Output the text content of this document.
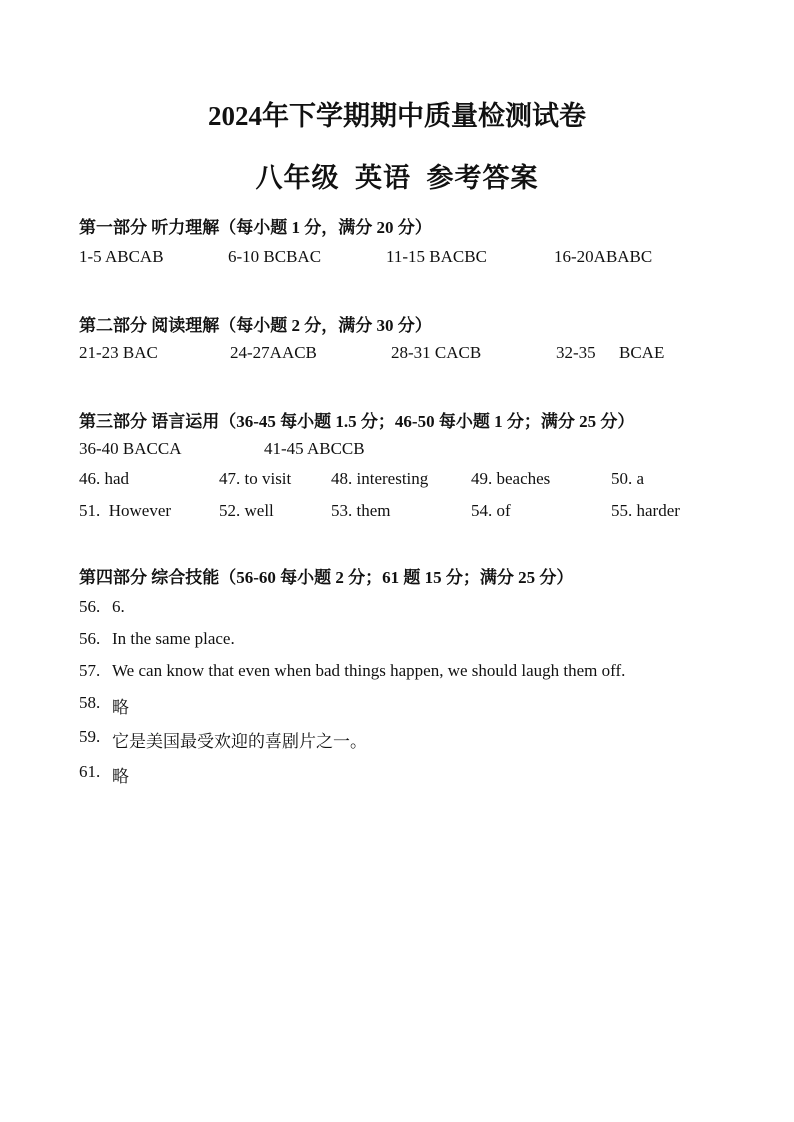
2024年下学期期中质量检测试卷
八年级  英语  参考答案
第一部分 听力理解（每小题 1 分，满分 20 分）
1-5 ABCAB	6-10 BCBAC	11-15 BACBC	16-20ABABC
第二部分 阅读理解（每小题 2 分，满分 30 分）
21-23 BAC	24-27AACB	28-31 CACB	32-35 BCAE
第三部分 语言运用（36-45 每小题 1.5 分；46-50 每小题 1 分；满分 25 分）
36-40 BACCA	41-45 ABCCB
46. had	47. to visit 48. interesting	49. beaches	50. a
51.  However	52. well	53. them	54. of	55. harder
第四部分 综合技能（56-60 每小题 2 分；61 题 15 分；满分 25 分）
56. 6.
56. In the same place.
57. We can know that even when bad things happen, we should laugh them off.
58. 略
59. 它是美国最受欢迎的喜剧片之一。
61. 略
